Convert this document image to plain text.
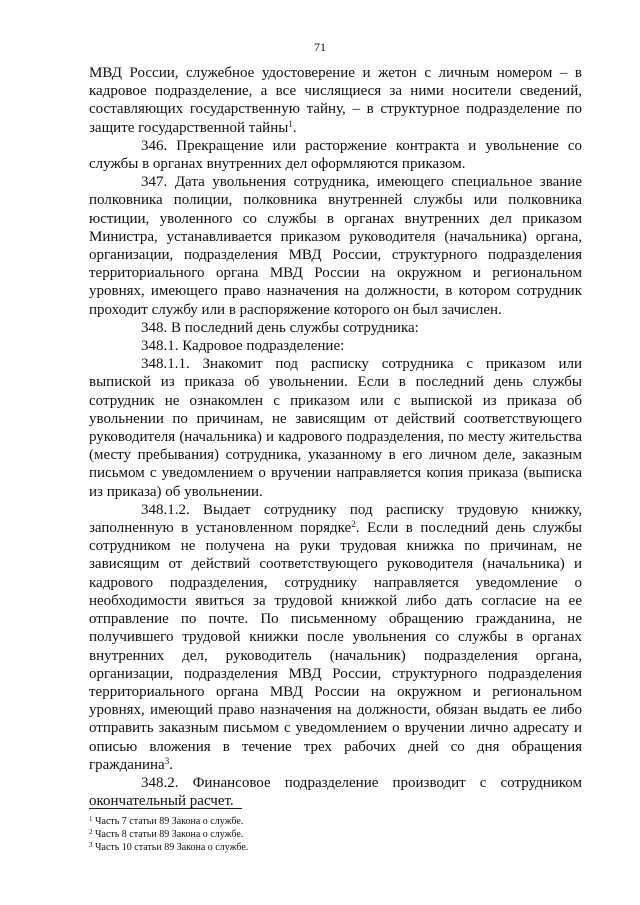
71

МВД России, служебное удостоверение и жетон с личным номером – в кадровое подразделение, а все числящиеся за ними носители сведений, составляющих государственную тайну, – в структурное подразделение по защите государственной тайны$^1$.

346. Прекращение или расторжение контракта и увольнение со службы в органах внутренних дел оформляются приказом.

347. Дата увольнения сотрудника, имеющего специальное звание полковника полиции, полковника внутренней службы или полковника юстиции, уволенного со службы в органах внутренних дел приказом Министра, устанавливается приказом руководителя (начальника) органа, организации, подразделения МВД России, структурного подразделения территориального органа МВД России на окружном и региональном уровнях, имеющего право назначения на должности, в котором сотрудник проходит службу или в распоряжение которого он был зачислен.

348. В последний день службы сотрудника:

348.1. Кадровое подразделение:

348.1.1. Знакомит под расписку сотрудника с приказом или выпиской из приказа об увольнении. Если в последний день службы сотрудник не ознакомлен с приказом или с выпиской из приказа об увольнении по причинам, не зависящим от действий соответствующего руководителя (начальника) и кадрового подразделения, по месту жительства (месту пребывания) сотрудника, указанному в его личном деле, заказным письмом с уведомлением о вручении направляется копия приказа (выписка из приказа) об увольнении.

348.1.2. Выдает сотруднику под расписку трудовую книжку, заполненную в установленном порядке$^2$. Если в последний день службы сотрудником не получена на руки трудовая книжка по причинам, не зависящим от действий соответствующего руководителя (начальника) и кадрового подразделения, сотруднику направляется уведомление о необходимости явиться за трудовой книжкой либо дать согласие на ее отправление по почте. По письменному обращению гражданина, не получившего трудовой книжки после увольнения со службы в органах внутренних дел, руководитель (начальник) подразделения органа, организации, подразделения МВД России, структурного подразделения территориального органа МВД России на окружном и региональном уровнях, имеющий право назначения на должности, обязан выдать ее либо отправить заказным письмом с уведомлением о вручении лично адресату и описью вложения в течение трех рабочих дней со дня обращения гражданина$^3$.

348.2. Финансовое подразделение производит с сотрудником окончательный расчет.

$^1$ Часть 7 статьи 89 Закона о службе.
$^2$ Часть 8 статьи 89 Закона о службе.
$^3$ Часть 10 статьи 89 Закона о службе.
